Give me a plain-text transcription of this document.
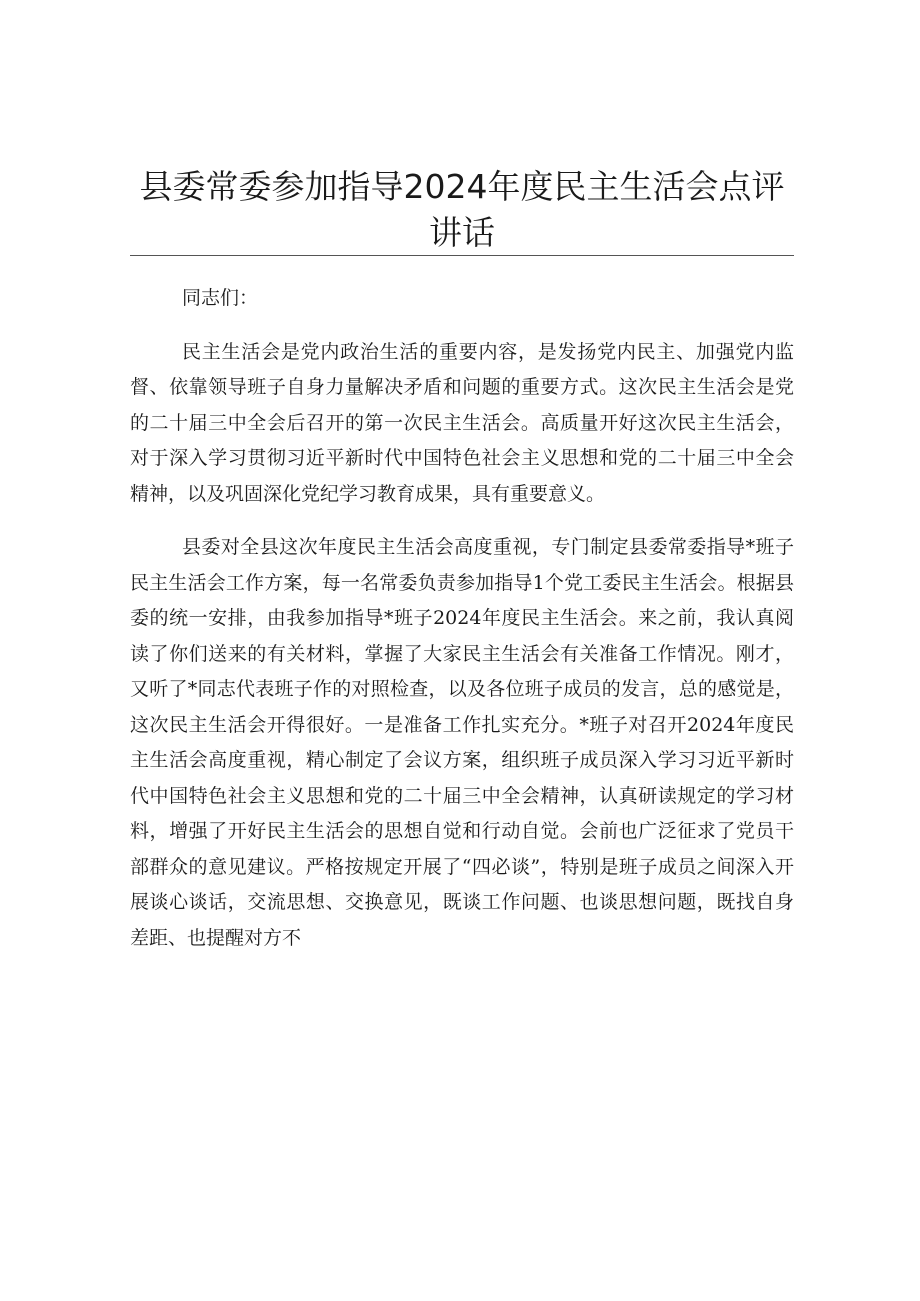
县委常委参加指导2024年度民主生活会点评
讲话

同志们：

民主生活会是党内政治生活的重要内容，是发扬党内民主、加强党内监督、依靠领导班子自身力量解决矛盾和问题的重要方式。这次民主生活会是党的二十届三中全会后召开的第一次民主生活会。高质量开好这次民主生活会，对于深入学习贯彻习近平新时代中国特色社会主义思想和党的二十届三中全会精神，以及巩固深化党纪学习教育成果，具有重要意义。

县委对全县这次年度民主生活会高度重视，专门制定县委常委指导*班子民主生活会工作方案，每一名常委负责参加指导1个党工委民主生活会。根据县委的统一安排，由我参加指导*班子2024年度民主生活会。来之前，我认真阅读了你们送来的有关材料，掌握了大家民主生活会有关准备工作情况。刚才，又听了*同志代表班子作的对照检查，以及各位班子成员的发言，总的感觉是，这次民主生活会开得很好。一是准备工作扎实充分。*班子对召开2024年度民主生活会高度重视，精心制定了会议方案，组织班子成员深入学习习近平新时代中国特色社会主义思想和党的二十届三中全会精神，认真研读规定的学习材料，增强了开好民主生活会的思想自觉和行动自觉。会前也广泛征求了党员干部群众的意见建议。严格按规定开展了“四必谈”，特别是班子成员之间深入开展谈心谈话，交流思想、交换意见，既谈工作问题、也谈思想问题，既找自身差距、也提醒对方不
